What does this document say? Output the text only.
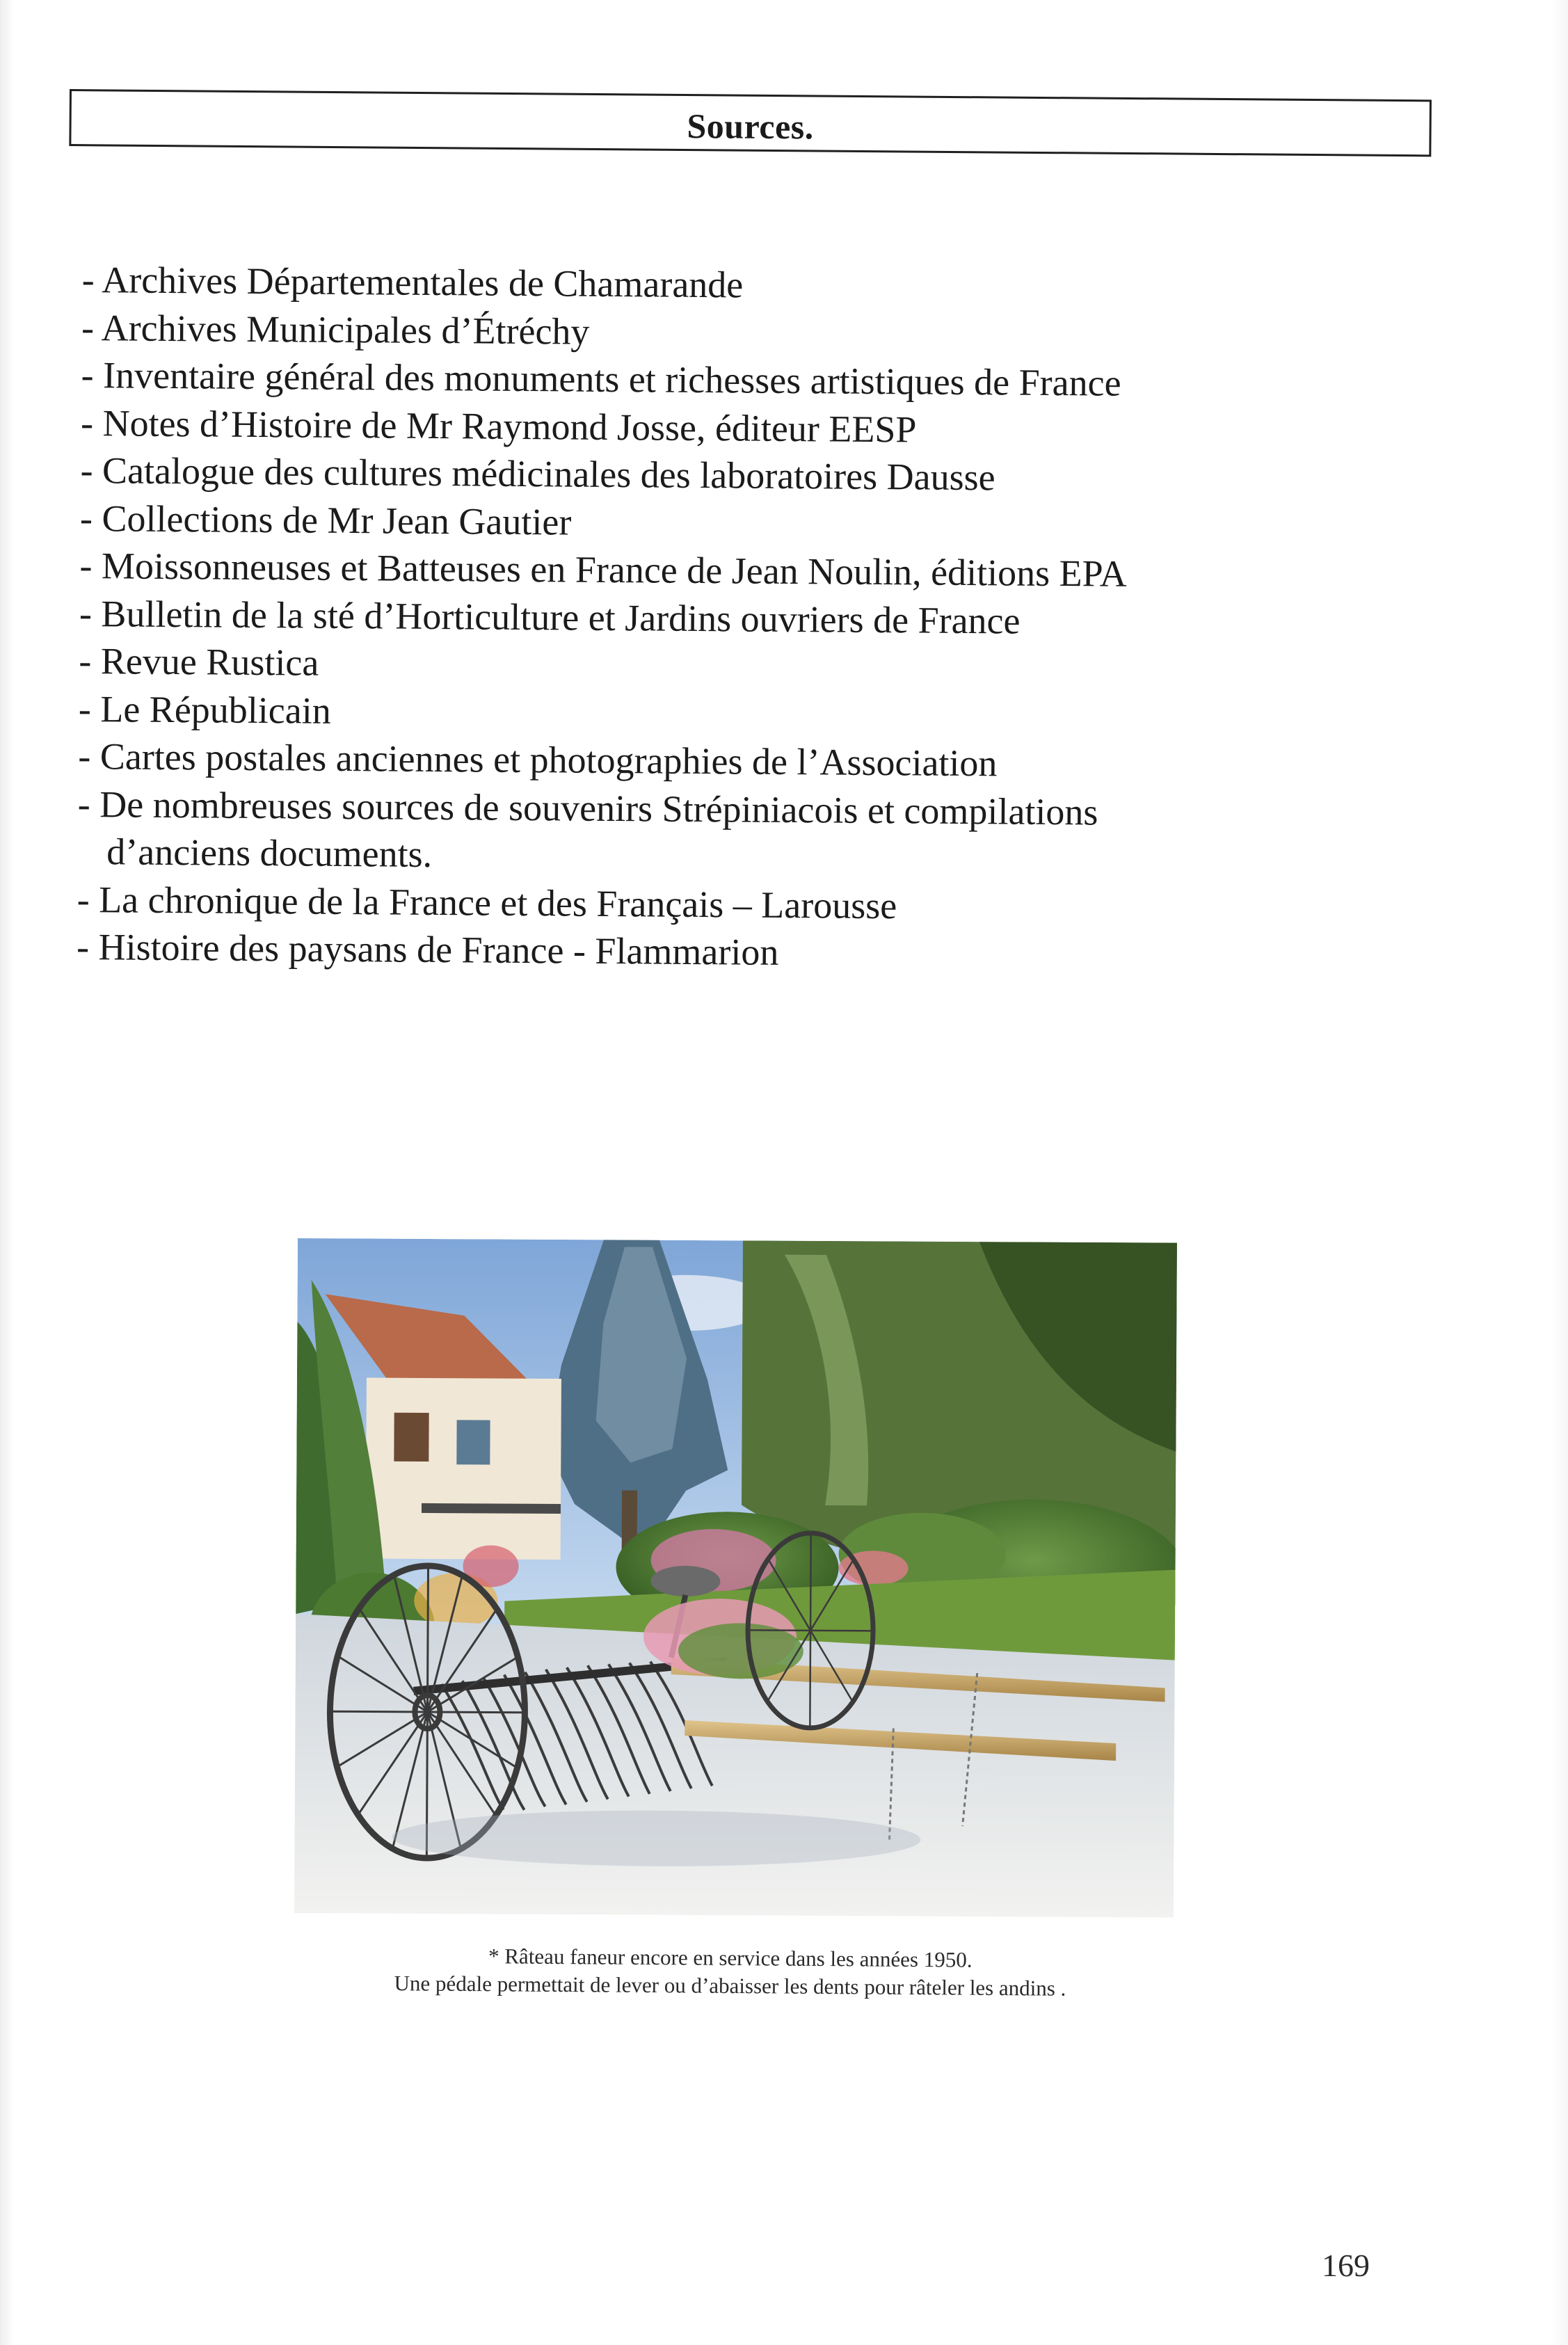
Sources.
- Archives Départementales de Chamarande
- Archives Municipales d’Étréchy
- Inventaire général des monuments et richesses artistiques de France
- Notes d’Histoire de Mr Raymond Josse, éditeur EESP
- Catalogue des cultures médicinales des laboratoires Dausse
- Collections de Mr Jean Gautier
- Moissonneuses et Batteuses en France de Jean Noulin, éditions EPA
- Bulletin de la sté d’Horticulture et Jardins ouvriers de France
- Revue Rustica
- Le Républicain
- Cartes postales anciennes et photographies de l’Association
- De nombreuses sources de souvenirs Strépiniacois et compilations
d’anciens documents.
- La chronique de la France et des Français – Larousse
- Histoire des paysans de France - Flammarion
* Râteau faneur encore en service dans les années 1950.
Une pédale permettait de lever ou d’abaisser les dents pour râteler les andins .
169
